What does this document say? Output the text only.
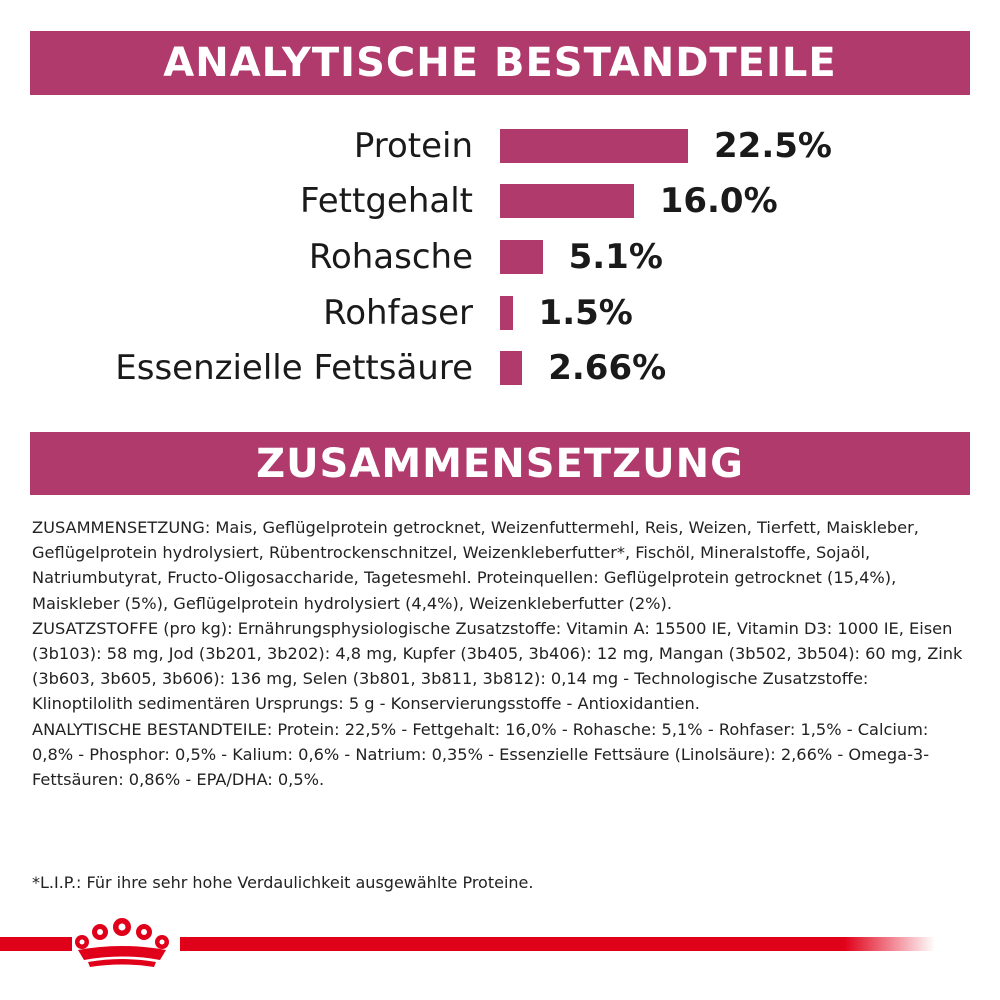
ANALYTISCHE BESTANDTEILE
Protein	22.5%
Fettgehalt	16.0%
Rohasche	5.1%
Rohfaser 1.5%
Essenzielle Fettsäure 2.66%
ZUSAMMENSETZUNG

ZUSAMMENSETZUNG: Mais, Geflügelprotein getrocknet, Weizenfuttermehl, Reis, Weizen, Tierfett, Maiskleber, Geflügelprotein hydrolysiert, Rübentrockenschnitzel, Weizenkleberfutter*, Fischöl, Mineralstoffe, Sojaöl, Natriumbutyrat, Fructo-Oligosaccharide, Tagetesmehl. Proteinquellen: Geflügelprotein getrocknet (15,4%), Maiskleber (5%), Geflügelprotein hydrolysiert (4,4%), Weizenkleberfutter (2%).

ZUSATZSTOFFE (pro kg): Ernährungsphysiologische Zusatzstoffe: Vitamin A: 15500 IE, Vitamin D3: 1000 IE, Eisen (3b103): 58 mg, Jod (3b201, 3b202): 4,8 mg, Kupfer (3b405, 3b406): 12 mg, Mangan (3b502, 3b504): 60 mg, Zink (3b603, 3b605, 3b606): 136 mg, Selen (3b801, 3b811, 3b812): 0,14 mg - Technologische Zusatzstoffe: Klinoptilolith sedimentären Ursprungs: 5 g - Konservierungsstoffe - Antioxidantien.

ANALYTISCHE BESTANDTEILE: Protein: 22,5% - Fettgehalt: 16,0% - Rohasche: 5,1% - Rohfaser: 1,5% - Calcium: 0,8% - Phosphor: 0,5% - Kalium: 0,6% - Natrium: 0,35% - Essenzielle Fettsäure (Linolsäure): 2,66% - Omega-3-Fettsäuren: 0,86% - EPA/DHA: 0,5%.

*L.I.P.: Für ihre sehr hohe Verdaulichkeit ausgewählte Proteine.
